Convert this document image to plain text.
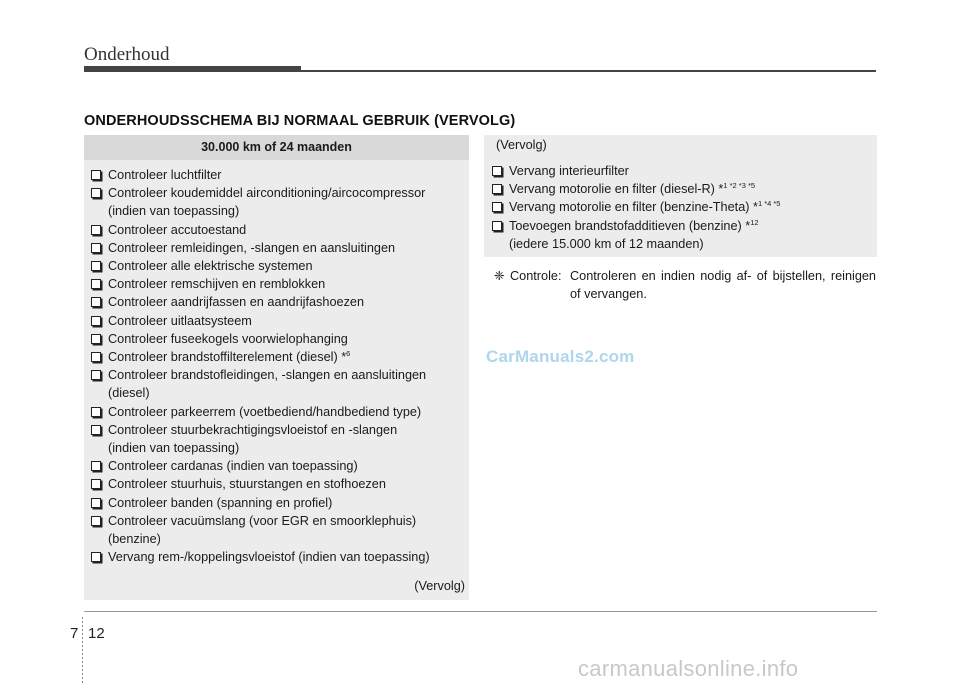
Onderhoud
ONDERHOUDSSCHEMA BIJ NORMAAL GEBRUIK (VERVOLG)
30.000 km of 24 maanden
Controleer luchtfilter
Controleer koudemiddel airconditioning/aircocompressor
(indien van toepassing)
Controleer accutoestand
Controleer remleidingen, -slangen en aansluitingen
Controleer alle elektrische systemen
Controleer remschijven en remblokken
Controleer aandrijfassen en aandrijfashoezen
Controleer uitlaatsysteem
Controleer fuseekogels voorwielophanging
Controleer brandstoffilterelement (diesel) *$^6$
Controleer brandstofleidingen, -slangen en aansluitingen
(diesel)
Controleer parkeerrem (voetbediend/handbediend type)
Controleer stuurbekrachtigingsvloeistof en -slangen
(indien van toepassing)
Controleer cardanas (indien van toepassing)
Controleer stuurhuis, stuurstangen en stofhoezen
Controleer banden (spanning en profiel)
Controleer vacuümslang (voor EGR en smoorklephuis)
(benzine)
Vervang rem-/koppelingsvloeistof (indien van toepassing)
(Vervolg)
Vervang interieurfilter
Vervang motorolie en filter (diesel-R) *$^{1 *2 *3 *5}$
Vervang motorolie en filter (benzine-Theta) *$^{1 *4 *5}$
Toevoegen brandstofadditieven (benzine) *$^{12}$
(iedere 15.000 km of 12 maanden)
(Vervolg)
❈ Controle: Controleren en indien nodig af- of bijstellen, reinigen of vervangen.
CarManuals2.com
7 12
carmanualsonline.info
